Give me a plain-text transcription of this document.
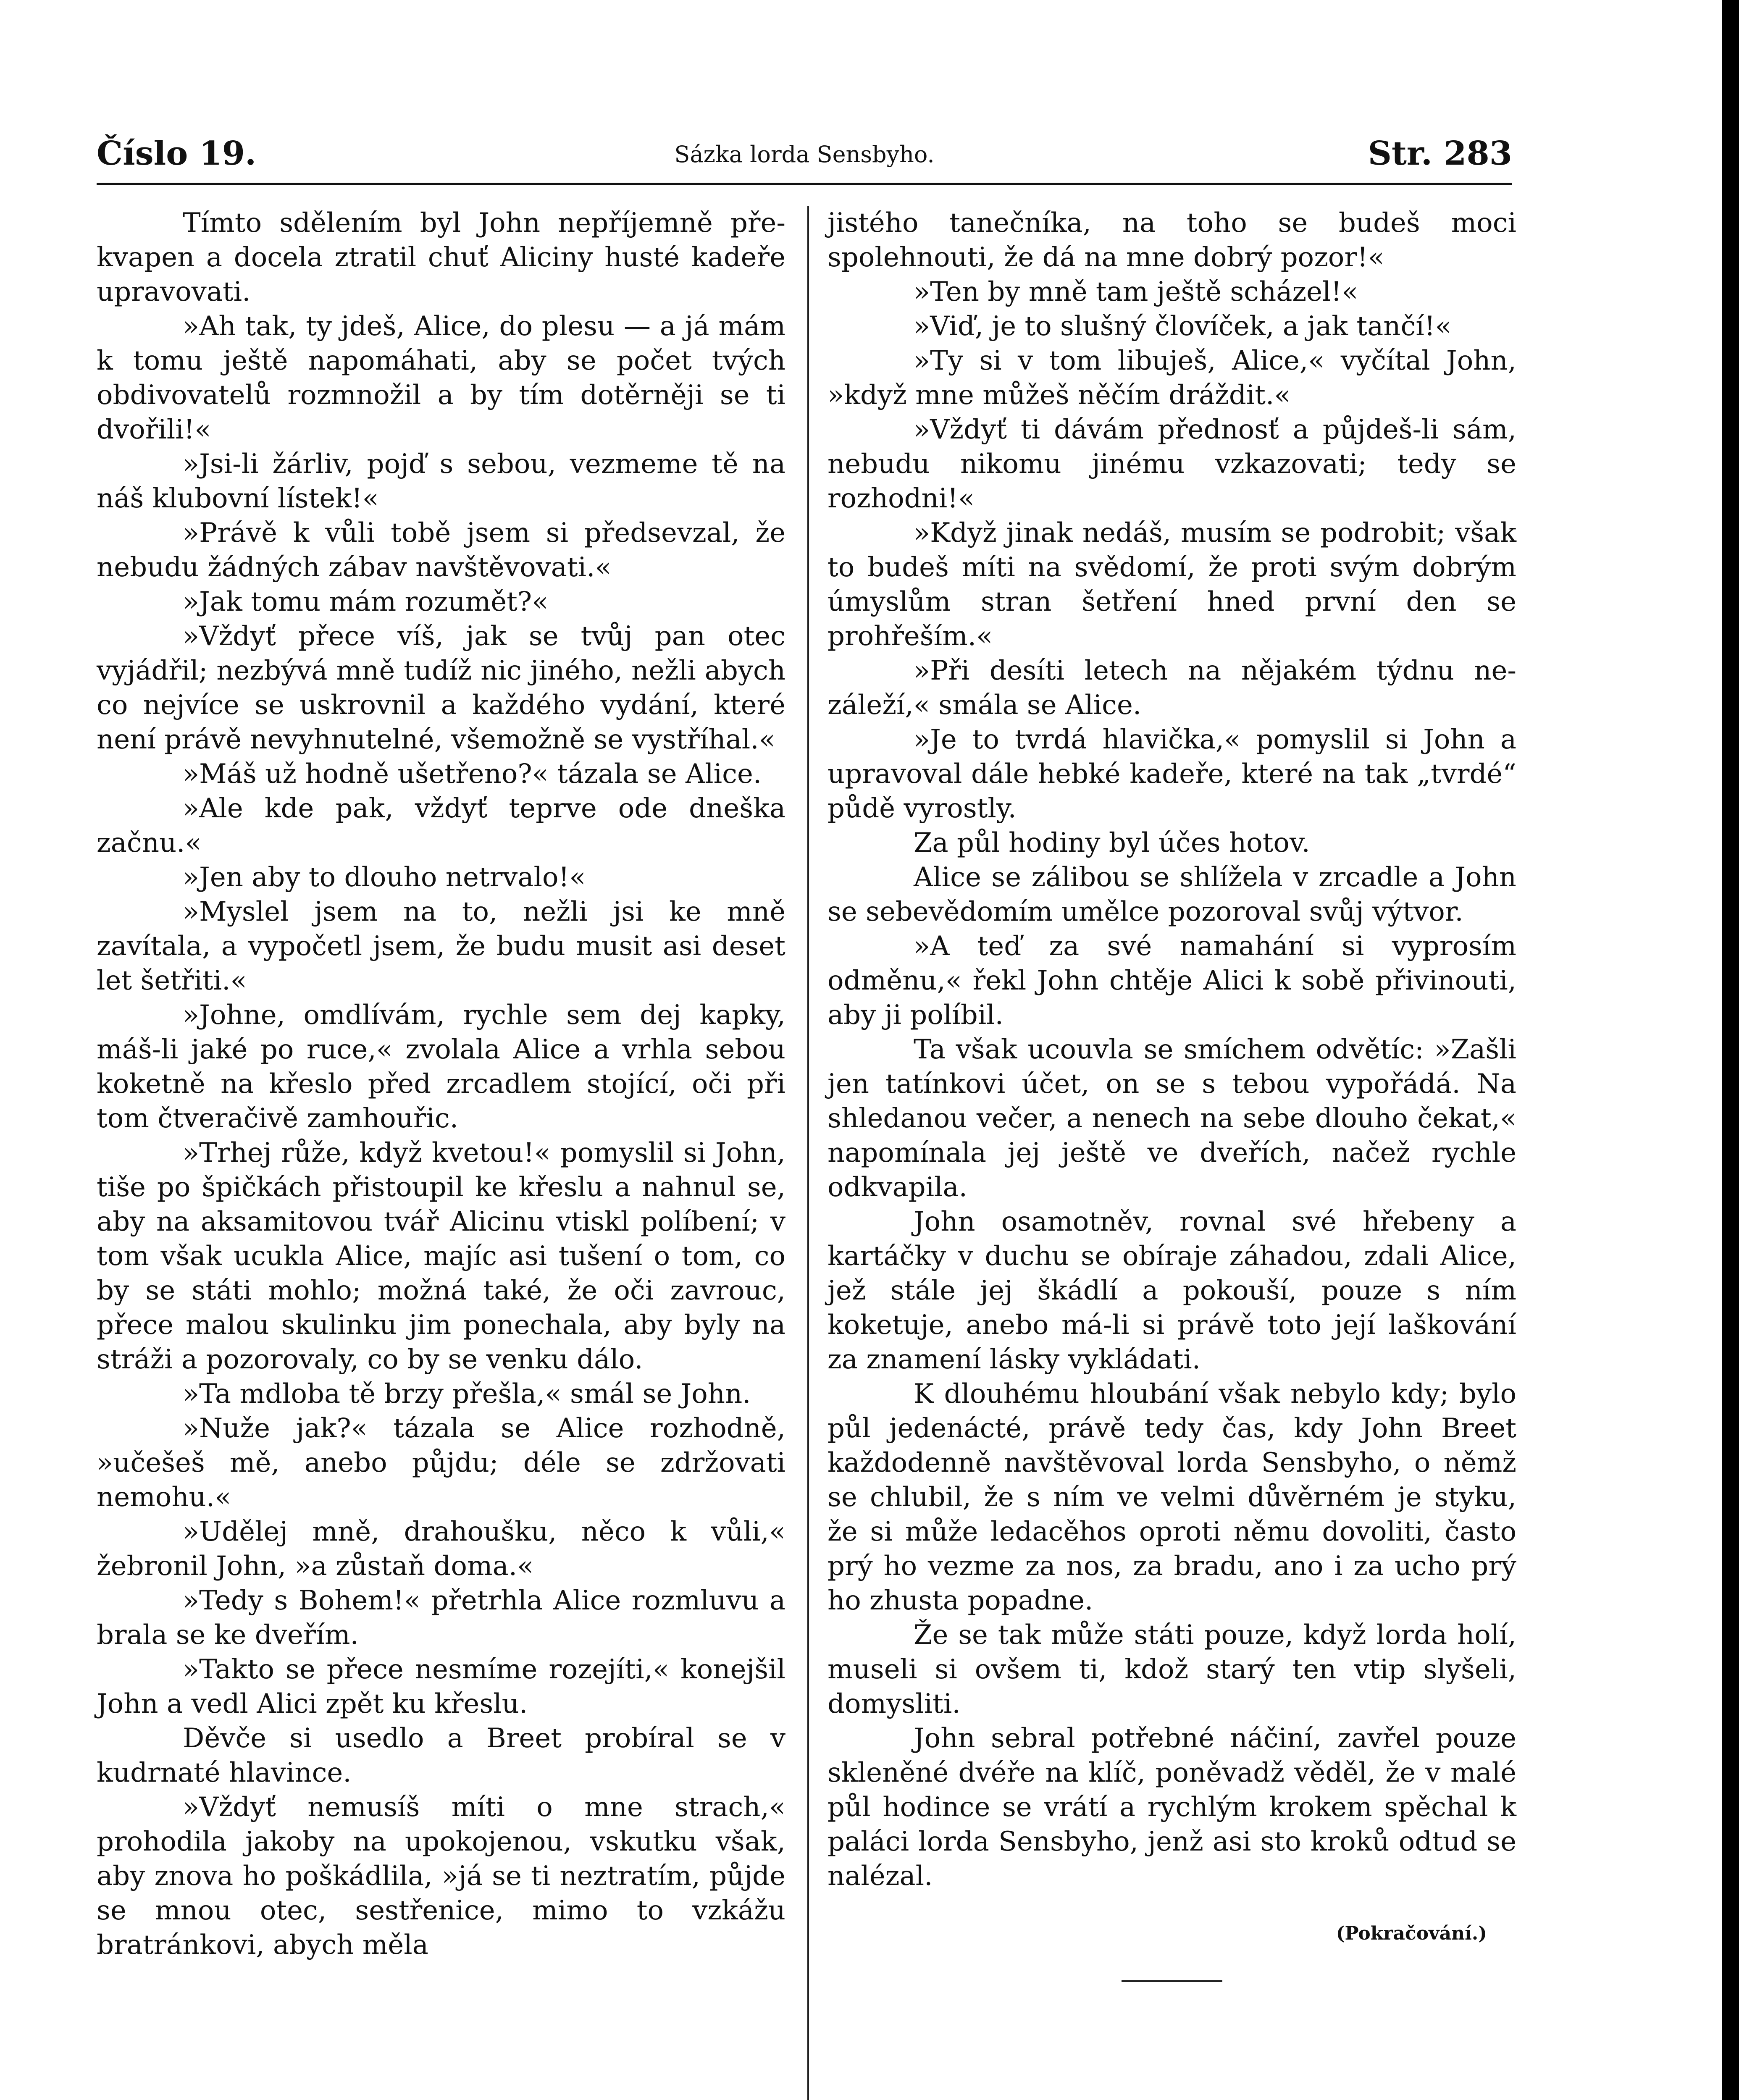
Číslo 19.	Sázka lorda Sensbyho.	Str. 283

Tímto sdělením byl John nepříjemně překvapen a docela ztratil chuť Aliciny husté kadeře upravovati.

»Ah tak, ty jdeš, Alice, do plesu — a já mám k tomu ještě napomáhati, aby se počet tvých obdivovatelů rozmnožil a by tím dotěrněji se ti dvořili!«

»Jsi-li žárliv, pojď s sebou, vezmeme tě na náš klubovní lístek!«

»Právě k vůli tobě jsem si předsevzal, že nebudu žádných zábav navštěvovati.«

»Jak tomu mám rozumět?«

»Vždyť přece víš, jak se tvůj pan otec vyjádřil; nezbývá mně tudíž nic jiného, nežli abych co nejvíce se uskrovnil a každého vydání, které není právě nevyhnutelné, všemožně se vystříhal.«

»Máš už hodně ušetřeno?« tázala se Alice.

»Ale kde pak, vždyť teprve ode dneška začnu.«

»Jen aby to dlouho netrvalo!«

»Myslel jsem na to, nežli jsi ke mně zavítala, a vypočetl jsem, že budu musit asi deset let šetřiti.«

»Johne, omdlívám, rychle sem dej kapky, máš-li jaké po ruce,« zvolala Alice a vrhla sebou koketně na křeslo před zrcadlem stojící, oči při tom čtveračivě zamhouřic.

»Trhej růže, když kvetou!« pomyslil si John, tiše po špičkách přistoupil ke křeslu a nahnul se, aby na aksamitovou tvář Alicinu vtiskl políbení; v tom však ucukla Alice, majíc asi tušení o tom, co by se státi mohlo; možná také, že oči zavrouc, přece malou skulinku jim ponechala, aby byly na stráži a pozorovaly, co by se venku dálo.

»Ta mdloba tě brzy přešla,« smál se John.

»Nuže jak?« tázala se Alice rozhodně, »učešeš mě, anebo půjdu; déle se zdržovati nemohu.«

»Udělej mně, drahoušku, něco k vůli,« žebronil John, »a zůstaň doma.«

»Tedy s Bohem!« přetrhla Alice rozmluvu a brala se ke dveřím.

»Takto se přece nesmíme rozejíti,« konejšil John a vedl Alici zpět ku křeslu.

Děvče si usedlo a Breet probíral se v kudrnaté hlavince.

»Vždyť nemusíš míti o mne strach,« prohodila jakoby na upokojenou, vskutku však, aby znova ho poškádlila, »já se ti neztratím, půjde se mnou otec, sestřenice, mimo to vzkážu bratránkovi, abych měla

jistého tanečníka, na toho se budeš moci spolehnouti, že dá na mne dobrý pozor!«

»Ten by mně tam ještě scházel!«

»Viď, je to slušný človíček, a jak tančí!«

»Ty si v tom libuješ, Alice,« vyčítal John, »když mne můžeš něčím dráždit.«

»Vždyť ti dávám přednosť a půjdeš-li sám, nebudu nikomu jinému vzkazovati; tedy se rozhodni!«

»Když jinak nedáš, musím se podrobit; však to budeš míti na svědomí, že proti svým dobrým úmyslům stran šetření hned první den se prohřeším.«

»Při desíti letech na nějakém týdnu nezáleží,« smála se Alice.

»Je to tvrdá hlavička,« pomyslil si John a upravoval dále hebké kadeře, které na tak „tvrdé“ půdě vyrostly.

Za půl hodiny byl účes hotov.

Alice se zálibou se shlížela v zrcadle a John se sebevědomím umělce pozoroval svůj výtvor.

»A teď za své namahání si vyprosím odměnu,« řekl John chtěje Alici k sobě přivinouti, aby ji políbil.

Ta však ucouvla se smíchem odvětíc: »Zašli jen tatínkovi účet, on se s tebou vypořádá. Na shledanou večer, a nenech na sebe dlouho čekat,« napomínala jej ještě ve dveřích, načež rychle odkvapila.

John osamotněv, rovnal své hřebeny a kartáčky v duchu se obíraje záhadou, zdali Alice, jež stále jej škádlí a pokouší, pouze s ním koketuje, anebo má-li si právě toto její laškování za znamení lásky vykládati.

K dlouhému hloubání však nebylo kdy; bylo půl jedenácté, právě tedy čas, kdy John Breet každodenně navštěvoval lorda Sensbyho, o němž se chlubil, že s ním ve velmi důvěrném je styku, že si může ledacěhos oproti němu dovoliti, často prý ho vezme za nos, za bradu, ano i za ucho prý ho zhusta popadne.

Že se tak může státi pouze, když lorda holí, museli si ovšem ti, kdož starý ten vtip slyšeli, domysliti.

John sebral potřebné náčiní, zavřel pouze skleněné dvéře na klíč, poněvadž věděl, že v malé půl hodince se vrátí a rychlým krokem spěchal k paláci lorda Sensbyho, jenž asi sto kroků odtud se nalézal.

(Pokračování.)
